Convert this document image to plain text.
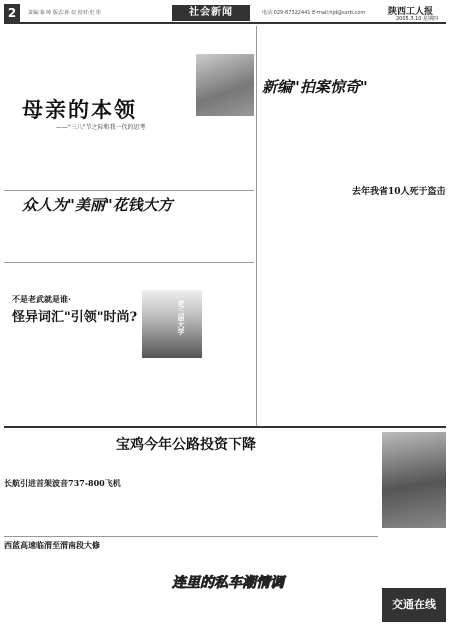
2	责编:秦 岭 版式:孙 辰 校对:史 彤	社会新闻	电话:029-87322441 E-mail:hjd@sxrb.com	陕西工人报
2005.3.10 星期四

母亲的本领
——"三八"节之际和我一代的思考

新编"拍案惊奇"

去年我省10人死于盗击

众人为"美丽"花钱大方

不是老武就是谁·
怪异词汇"引领"时尚?

	老三届大学

长航引进首架波音737-800飞机

宝鸡今年公路投资下降

西蓝高速临渭至渭南段大修

连里的私车潮情调

交通在线
